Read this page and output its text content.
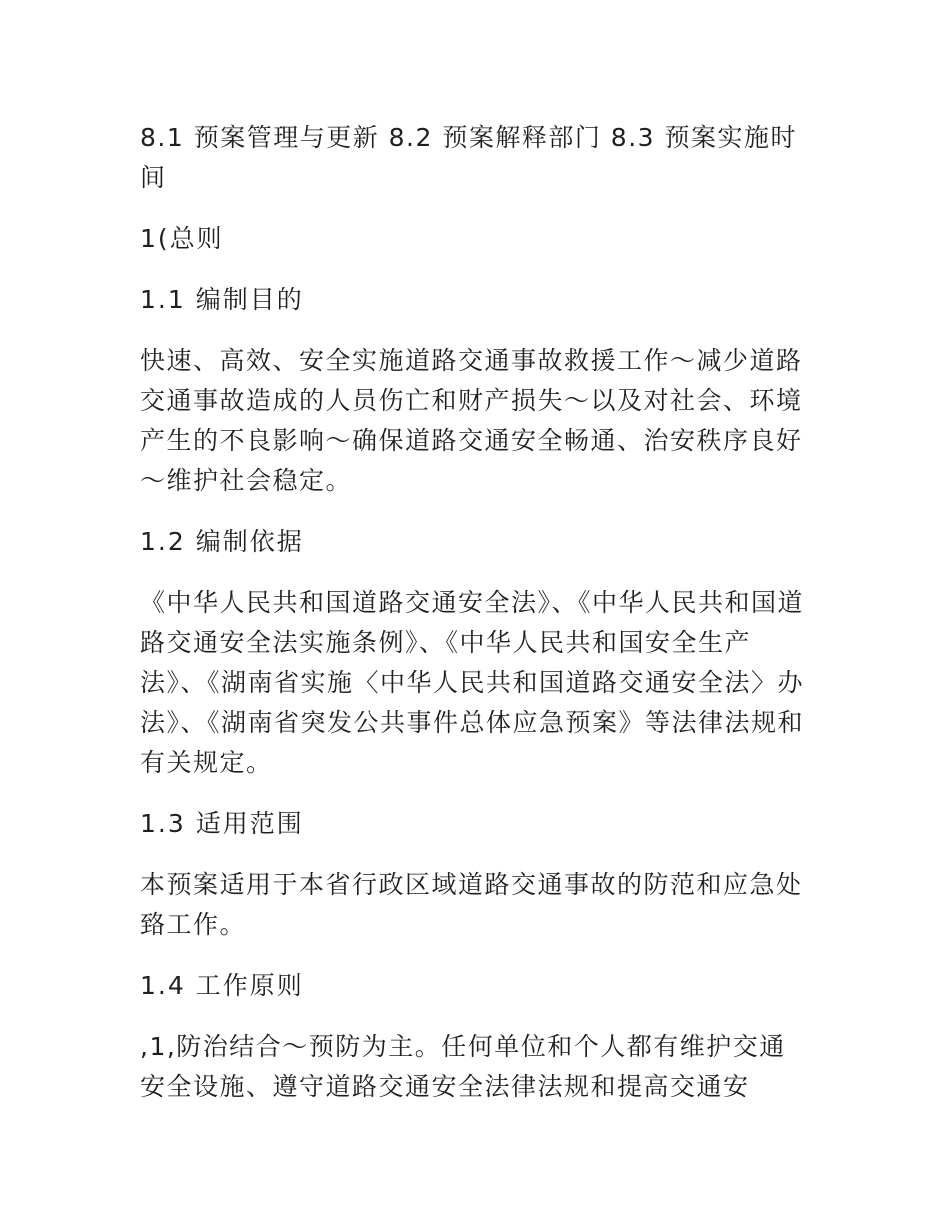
8.1 预案管理与更新 8.2 预案解释部门 8.3 预案实施时间

1(总则

1.1 编制目的

快速、高效、安全实施道路交通事故救援工作～减少道路交通事故造成的人员伤亡和财产损失～以及对社会、环境产生的不良影响～确保道路交通安全畅通、治安秩序良好～维护社会稳定。

1.2 编制依据

《中华人民共和国道路交通安全法》、《中华人民共和国道路交通安全法实施条例》、《中华人民共和国安全生产法》、《湖南省实施〈中华人民共和国道路交通安全法〉办法》、《湖南省突发公共事件总体应急预案》等法律法规和有关规定。

1.3 适用范围

本预案适用于本省行政区域道路交通事故的防范和应急处臵工作。

1.4 工作原则

,1,防治结合～预防为主。任何单位和个人都有维护交通安全设施、遵守道路交通安全法律法规和提高交通安
